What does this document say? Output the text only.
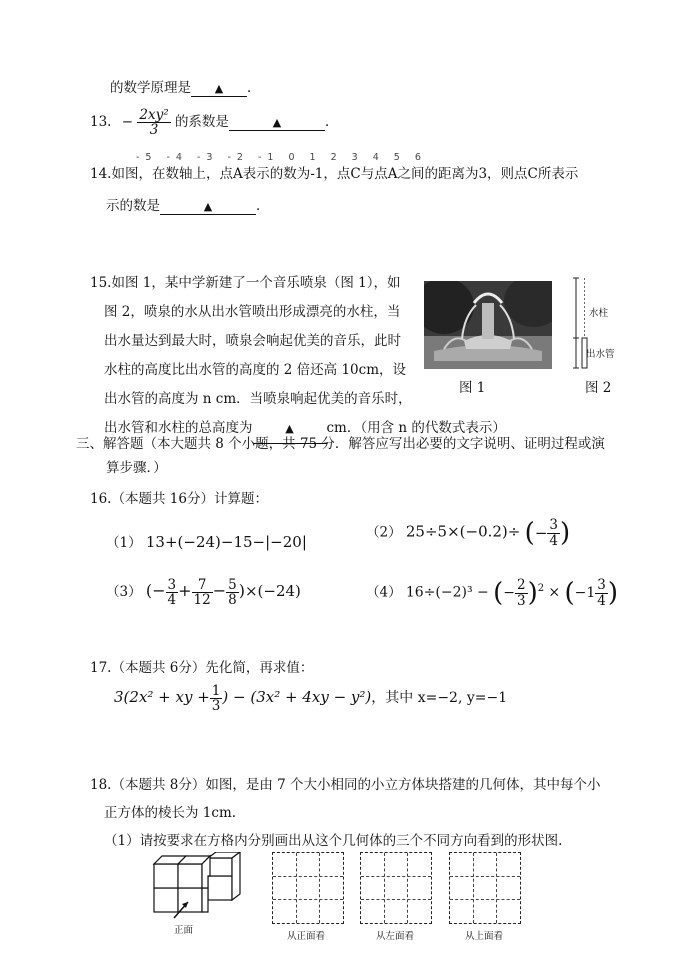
的数学原理是 ▲ ．
13. − $\frac{\text{2xy²}}{3}$ 的系数是	▲	．
14.如图，在数轴上，点A表示的数为-1，点C与点A之间的距离为3，则点C所表示
-5 -4 -3 -2 -1 0 1 2 3 4 5 6
示的数是	▲	．
15.如图 1，某中学新建了一个音乐喷泉（图 1），如
图 2，喷泉的水从出水管喷出形成漂亮的水柱，当
出水量达到最大时，喷泉会响起优美的音乐，此时
水柱的高度比出水管的高度的 2 倍还高 10cm，设
出水管的高度为 n cm．当喷泉响起优美的音乐时，
出水管和水柱的总高度为	▲ cm．（用含 n 的代数式表示）
图 1
水柱
出水管
图 2
三、解答题（本大题共 8 个小题，共 75 分．解答应写出必要的文字说明、证明过程或演
算步骤．）
16.（本题共 16分）计算题：
（1） 13+(−24)−15−|−20|
（2） 25÷5×(−0.2)÷ (− $\frac{3}{4}$ )
（3） (− $\frac{3}{4} + \frac{7}{12} - \frac{5}{8} )\times(-24)$	（4） 16÷(−2)³ − (− $\frac{2}{3} )^2 \times (-1 \frac{3}{4}$ )
17.（本题共 6分）先化简，再求值：
3(2x² + xy + $\frac{1}{3}$ ) − (3x² + 4xy − y²)，其中 x=−2, y=−1
18.（本题共 8分）如图，是由 7 个大小相同的小立方体块搭建的几何体，其中每个小
正方体的棱长为 1cm.
（1）请按要求在方格内分别画出从这个几何体的三个不同方向看到的形状图.
正面
从正面看	从左面看	从上面看
